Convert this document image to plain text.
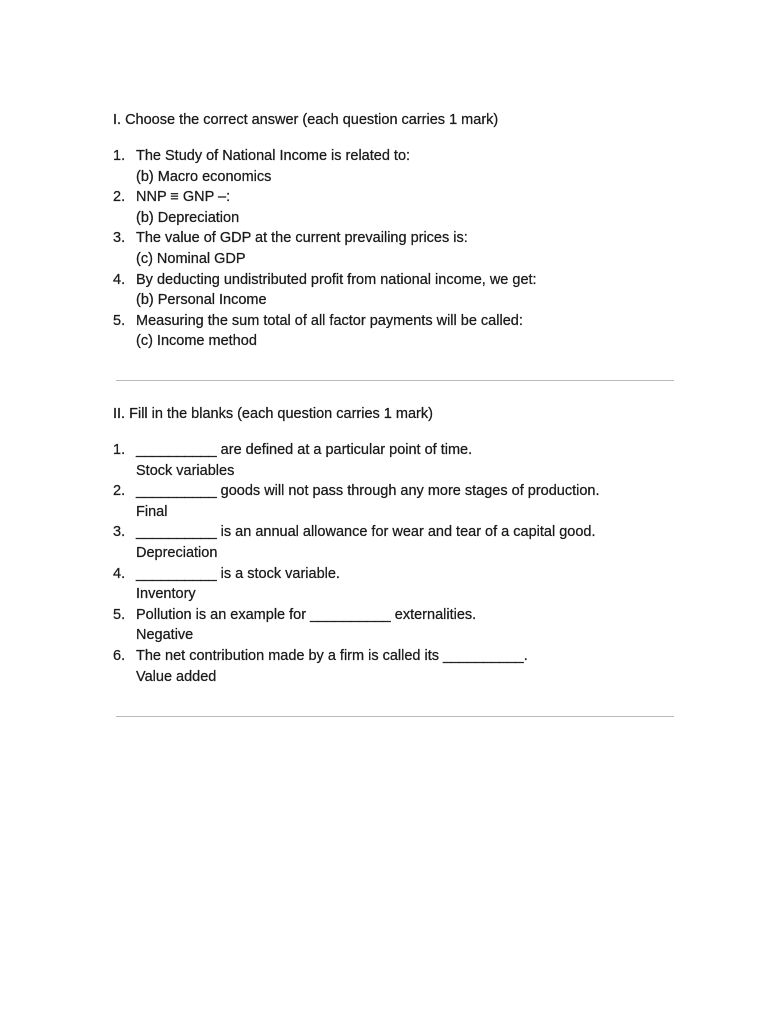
I. Choose the correct answer (each question carries 1 mark)

1. The Study of National Income is related to:
(b) Macro economics
2. NNP ≡ GNP –:
(b) Depreciation
3. The value of GDP at the current prevailing prices is:
(c) Nominal GDP
4. By deducting undistributed profit from national income, we get:
(b) Personal Income
5. Measuring the sum total of all factor payments will be called:
(c) Income method

II. Fill in the blanks (each question carries 1 mark)

1. __________ are defined at a particular point of time.
Stock variables
2. __________ goods will not pass through any more stages of production.
Final
3. __________ is an annual allowance for wear and tear of a capital good.
Depreciation
4. __________ is a stock variable.
Inventory
5. Pollution is an example for __________ externalities.
Negative
6. The net contribution made by a firm is called its __________.
Value added
